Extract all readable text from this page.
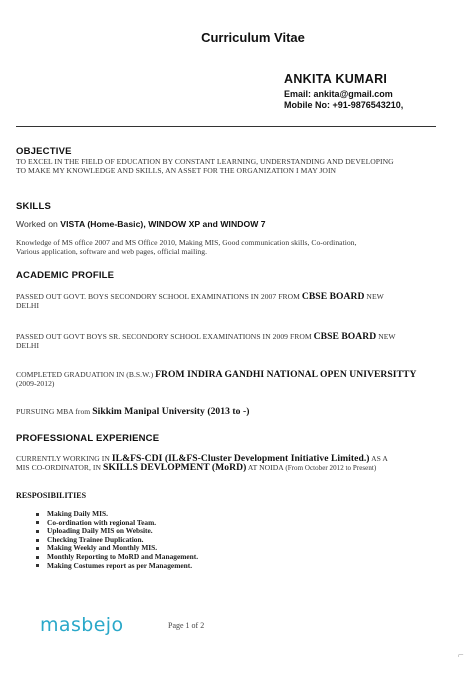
Curriculum Vitae
ANKITA KUMARI
Email: ankita@gmail.com
Mobile No: +91-9876543210,
OBJECTIVE
TO EXCEL IN THE FIELD OF EDUCATION BY CONSTANT LEARNING, UNDERSTANDING AND DEVELOPING
TO MAKE MY KNOWLEDGE AND SKILLS, AN ASSET FOR THE ORGANIZATION I MAY JOIN
SKILLS
Worked on VISTA (Home-Basic), WINDOW XP and WINDOW 7
Knowledge of MS office 2007 and MS Office 2010, Making MIS, Good communication skills, Co-ordination,
Various application, software and web pages, official mailing.
ACADEMIC PROFILE
PASSED OUT GOVT. BOYS SECONDORY SCHOOL EXAMINATIONS IN 2007 FROM CBSE BOARD NEW
DELHI
PASSED OUT GOVT BOYS SR. SECONDORY SCHOOL EXAMINATIONS IN 2009 FROM CBSE BOARD NEW
DELHI
COMPLETED GRADUATION IN (B.S.W.) FROM INDIRA GANDHI NATIONAL OPEN UNIVERSITTY
(2009-2012)
PURSUING MBA from Sikkim Manipal University (2013 to -)
PROFESSIONAL EXPERIENCE
CURRENTLY WORKING IN IL&FS-CDI (IL&FS-Cluster Development Initiative Limited.) AS A
MIS CO-ORDINATOR, IN SKILLS DEVLOPMENT (MoRD) AT NOIDA (From October 2012 to Present)
RESPOSIBILITIES
Making Daily MIS.
Co-ordination with regional Team.
Uploading Daily MIS on Website.
Checking Trainee Duplication.
Making Weekly and Monthly MIS.
Monthly Reporting to MoRD and Management.
Making Costumes report as per Management.
masbejo	Page 1 of 2
⌐
